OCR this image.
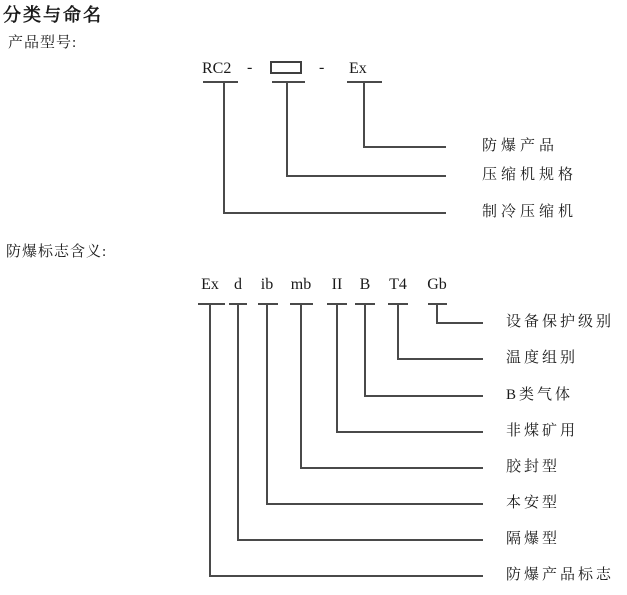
分类与命名
产品型号:
RC2 -	- Ex
防爆产品
压缩机规格
制冷压缩机
防爆标志含义:
Ex d ib mb II B T4 Gb
设备保护级别
温度组别
B类气体
非煤矿用
胶封型
本安型
隔爆型
防爆产品标志
